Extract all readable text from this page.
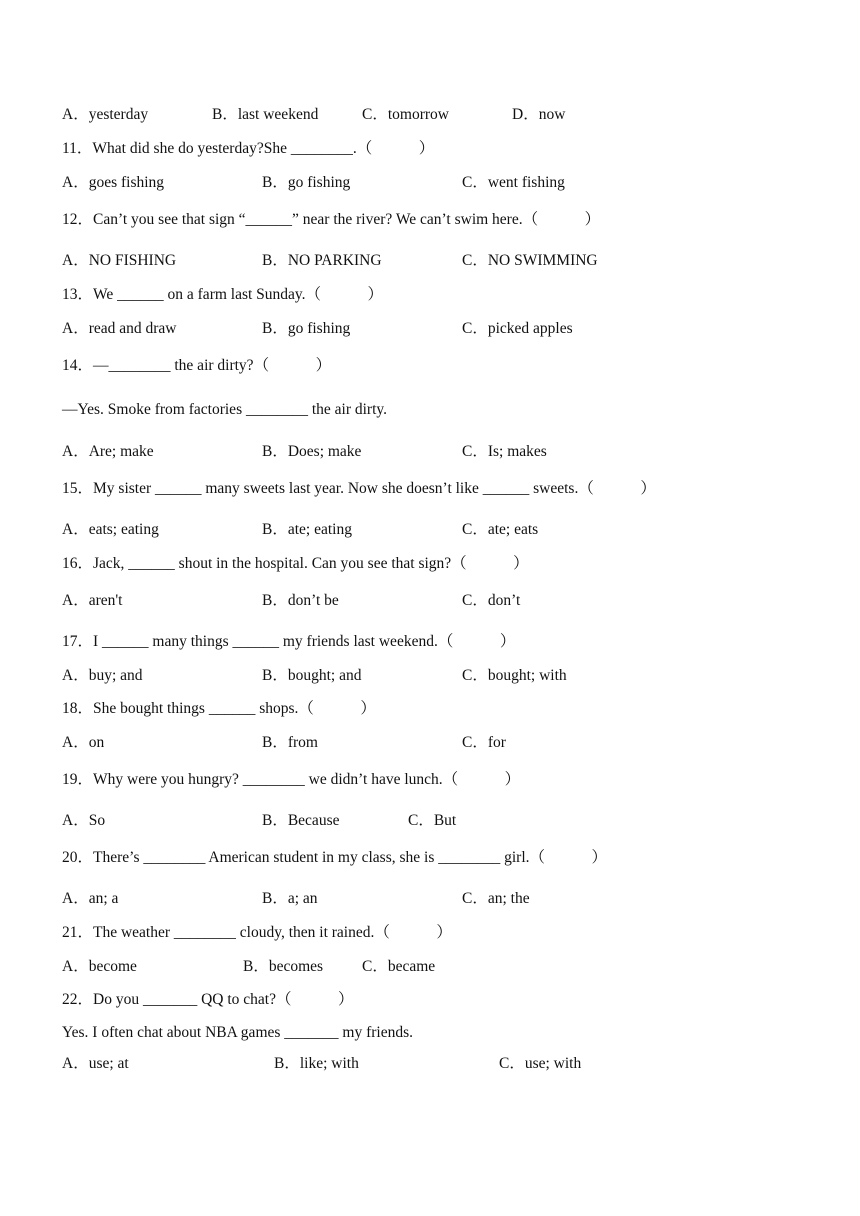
A．yesterday	B．last weekend	C．tomorrow	D．now
11．What did she do yesterday?She ________.（　　　）
A．goes fishing	B．go fishing	C．went fishing
12．Can’t you see that sign “______” near the river? We can’t swim here.（　　　）
A．NO FISHING	B．NO PARKING	C．NO SWIMMING
13．We ______ on a farm last Sunday.（　　　）
A．read and draw	B．go fishing	C．picked apples
14．—________ the air dirty?（　　　）
—Yes. Smoke from factories ________ the air dirty.
A．Are; make	B．Does; make	C．Is; makes
15．My sister ______ many sweets last year. Now she doesn’t like ______ sweets.（　　　）
A．eats; eating	B．ate; eating	C．ate; eats
16．Jack, ______ shout in the hospital. Can you see that sign?（　　　）
A．aren't	B．don’t be	C．don’t
17．I ______ many things ______ my friends last weekend.（　　　）
A．buy; and	B．bought; and	C．bought; with
18．She bought things ______ shops.（　　　）
A．on	B．from	C．for
19．Why were you hungry? ________ we didn’t have lunch.（　　　）
A．So	B．Because	C．But
20．There’s ________ American student in my class, she is ________ girl.（　　　）
A．an; a	B．a; an	C．an; the
21．The weather ________ cloudy, then it rained.（　　　）
A．become	B．becomes	C．became
22．Do you _______ QQ to chat?（　　　）
Yes. I often chat about NBA games _______ my friends.
A．use; at	B．like; with	C．use; with
